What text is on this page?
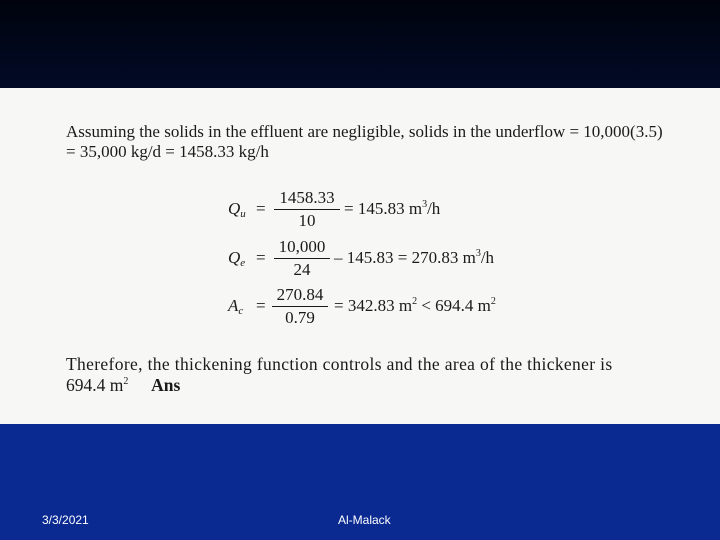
Assuming the solids in the effluent are negligible, solids in the underflow = 10,000(3.5)
= 35,000 kg/d = 1458.33 kg/h
$Q_u$ =
1458.33
10
= 145.83 $m^3/h$
$Q_e$ =
10,000
24
– 145.83 = 270.83 $m^3/h$
$A_c$ =
270.84
0.79
= 342.83 $m^2 < 694.4$ $m^2$
Therefore, the thickening function controls and the area of the thickener is
694.4 $m^2$ Ans
3/3/2021	Al-Malack
